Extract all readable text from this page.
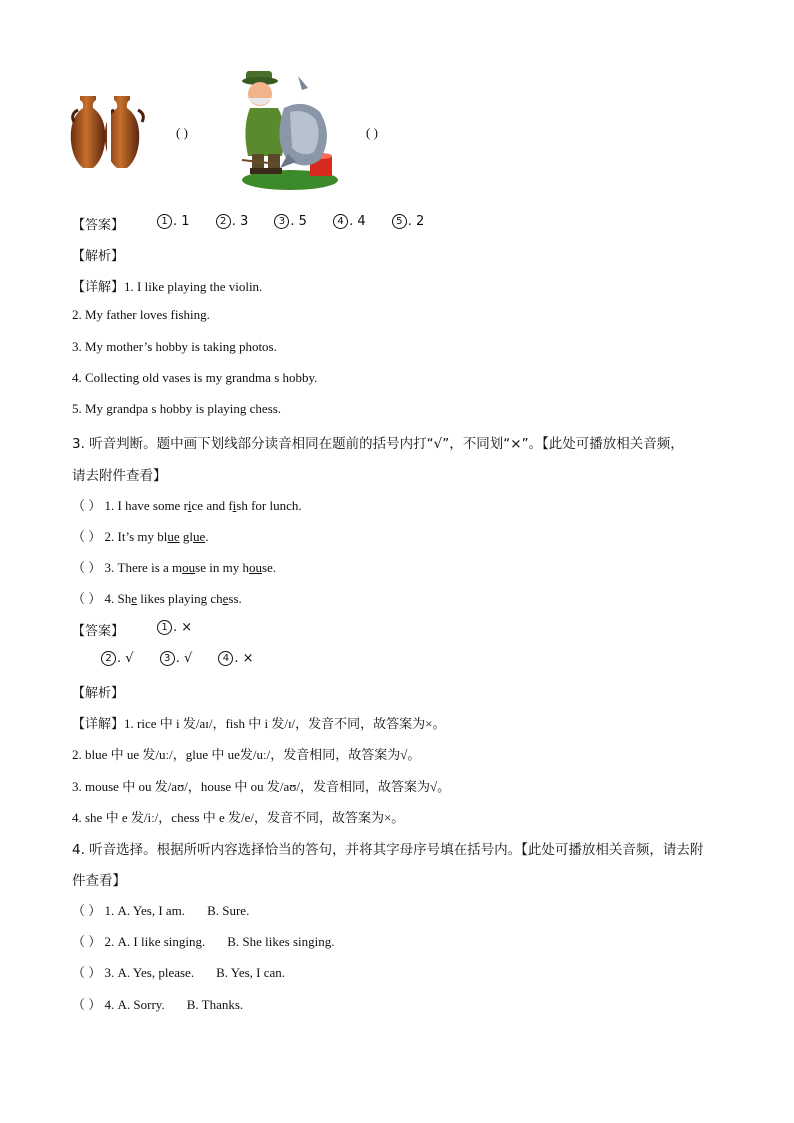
( )	( )
【答案】	1 . 1	2 . 3	3 . 5	4 . 4	5 . 2
【解析】
【详解】1. I like playing the violin.
2. My father loves fishing.
3. My mother’s hobby is taking photos.
4. Collecting old vases is my grandma s hobby.
5. My grandpa s hobby is playing chess.
3. 听音判断。题中画下划线部分读音相同在题前的括号内打“√”，不同划“×”。【此处可播放相关音频，
请去附件查看】
（ ） 1. I have some rice and fish for lunch.
（ ） 2. It’s my blue glue.
（ ） 3. There is a mouse in my house.
（ ） 4. She likes playing chess.
【答案】	1 . ×
2 . √	3 . √	4 . ×
【解析】
【详解】1. rice 中 i 发/aɪ/，fish 中 i 发/ɪ/，发音不同，故答案为×。
2. blue 中 ue 发/uː/，glue 中 ue发/uː/，发音相同，故答案为√。
3. mouse 中 ou 发/aʊ/，house 中 ou 发/aʊ/，发音相同，故答案为√。
4. she 中 e 发/iː/，chess 中 e 发/e/，发音不同，故答案为×。
4. 听音选择。根据所听内容选择恰当的答句，并将其字母序号填在括号内。【此处可播放相关音频，请去附
件查看】
（ ） 1. A. Yes, I am. B. Sure.
（ ） 2. A. I like singing. B. She likes singing.
（ ） 3. A. Yes, please. B. Yes, I can.
（ ） 4. A. Sorry. B. Thanks.
